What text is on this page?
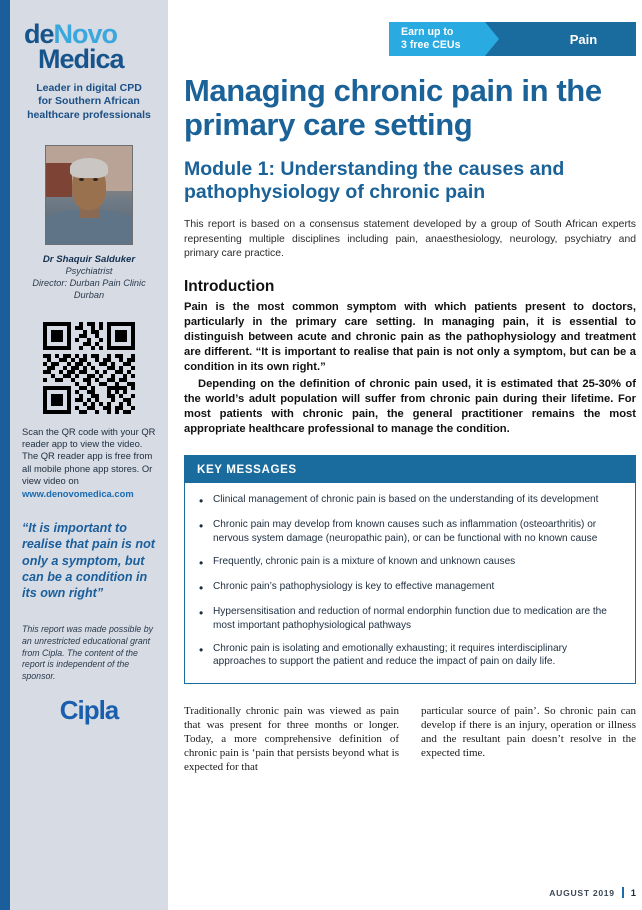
deNovo
Medica
Leader in digital CPD
for Southern African
healthcare professionals
Dr Shaquir Salduker
Psychiatrist
Director: Durban Pain Clinic
Durban
Scan the QR code with your QR reader app to view the video. The QR reader app is free from all mobile phone app stores. Or view video on www.denovomedica.com
“It is important to realise that pain is not only a symptom, but can be a condition in its own right”
This report was made possible by an unrestricted educational grant from Cipla. The content of the report is independent of the sponsor.
Cipla
Earn up to
3 free CEUs	Pain
Managing chronic pain in the primary care setting
Module 1: Understanding the causes and pathophysiology of chronic pain

This report is based on a consensus statement developed by a group of South African experts representing multiple disciplines including pain, anaesthesiology, neurology, psychiatry and primary care practice.

Introduction

Pain is the most common symptom with which patients present to doctors, particularly in the primary care setting. In managing pain, it is essential to distinguish between acute and chronic pain as the pathophysiology and treatment are different. “It is important to realise that pain is not only a symptom, but can be a condition in its own right.”

Depending on the definition of chronic pain used, it is estimated that 25-30% of the world’s adult population will suffer from chronic pain during their lifetime. For most patients with chronic pain, the general practitioner remains the most appropriate healthcare professional to manage the condition.

KEY MESSAGES
• Clinical management of chronic pain is based on the understanding of its development
• Chronic pain may develop from known causes such as inflammation (osteoarthritis) or nervous system damage (neuropathic pain), or can be functional with no known cause
• Frequently, chronic pain is a mixture of known and unknown causes
• Chronic pain’s pathophysiology is key to effective management
• Hypersensitisation and reduction of normal endorphin function due to medication are the most important pathophysiological pathways
• Chronic pain is isolating and emotionally exhausting; it requires interdisciplinary approaches to support the patient and reduce the impact of pain on daily life.
Traditionally chronic pain was viewed as pain that was present for three months or longer. Today, a more comprehensive definition of chronic pain is ‘pain that persists beyond what is expected for that
particular source of pain’. So chronic pain can develop if there is an injury, operation or illness and the resultant pain doesn’t resolve in the expected time.
AUGUST 2019 1
